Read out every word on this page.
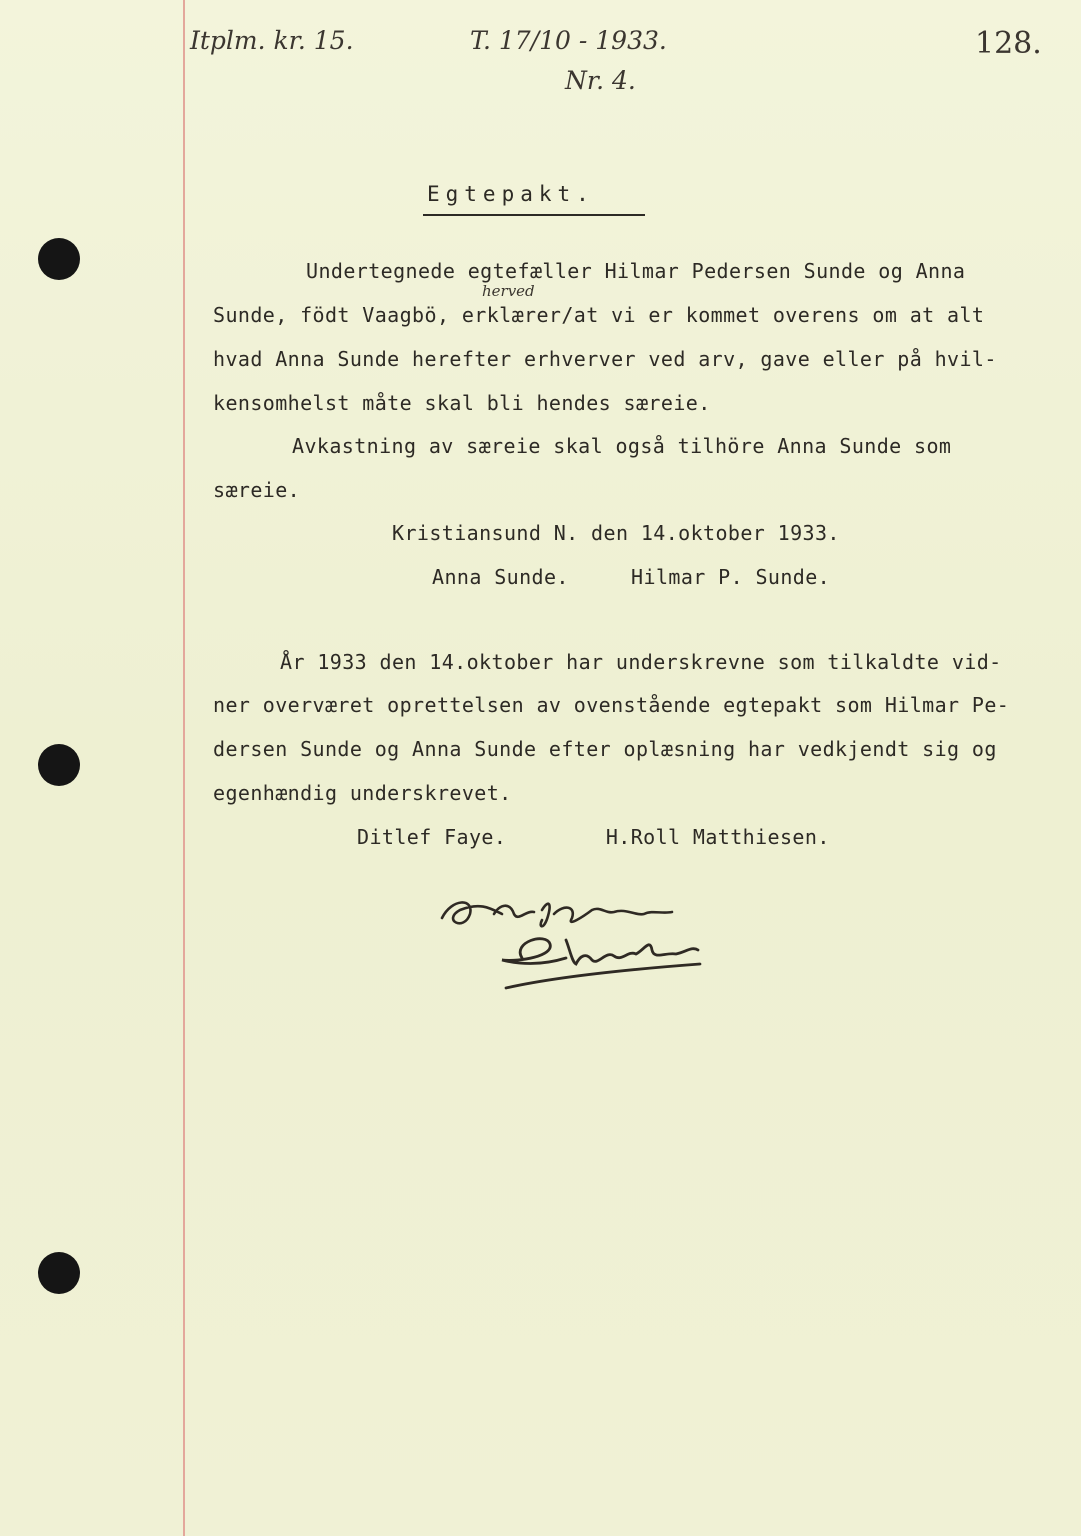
Itplm. kr. 15.	T. 17/10 - 1933.
Nr. 4.
128.
Egtepakt.
herved
Undertegnede egtefæller Hilmar Pedersen Sunde og Anna
Sunde, födt Vaagbö, erklærer/at vi er kommet overens om at alt
hvad Anna Sunde herefter erhverver ved arv, gave eller på hvil-
kensomhelst måte skal bli hendes særeie.
Avkastning av særeie skal også tilhöre Anna Sunde som
særeie.
Kristiansund N. den 14.oktober 1933.
Anna Sunde.     Hilmar P. Sunde.
År 1933 den 14.oktober har underskrevne som tilkaldte vid-
ner overværet oprettelsen av ovenstående egtepakt som Hilmar Pe-
dersen Sunde og Anna Sunde efter oplæsning har vedkjendt sig og
egenhændig underskrevet.
Ditlef Faye.        H.Roll Matthiesen.
